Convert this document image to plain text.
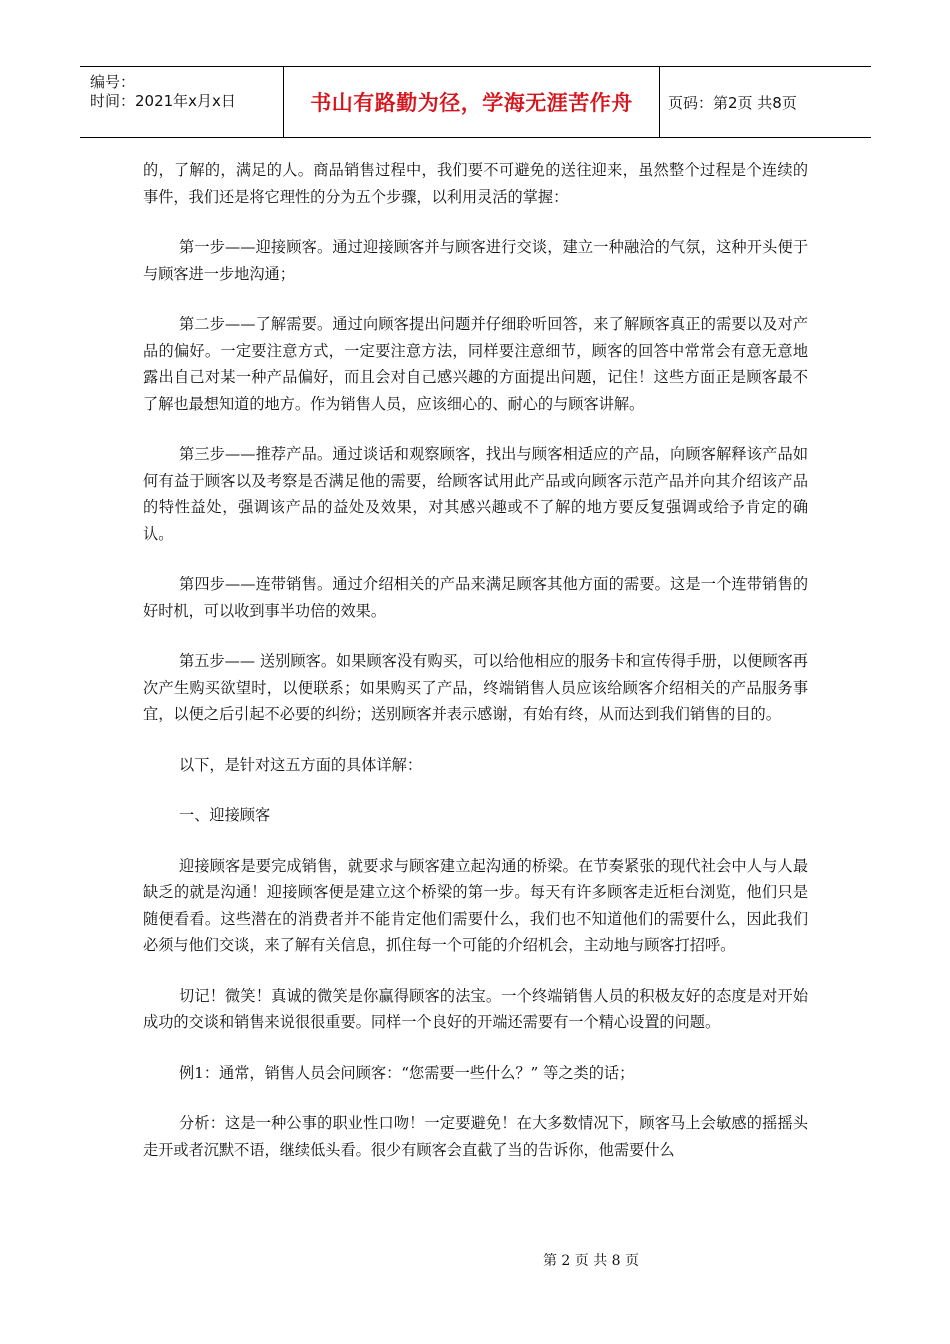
编号：
时间：2021年x月x日	书山有路勤为径，学海无涯苦作舟 页码：第2页 共8页

的，了解的，满足的人。商品销售过程中，我们要不可避免的送往迎来，虽然整个过程是个连续的事件，我们还是将它理性的分为五个步骤，以利用灵活的掌握：

第一步——迎接顾客。通过迎接顾客并与顾客进行交谈，建立一种融洽的气氛，这种开头便于与顾客进一步地沟通；

第二步——了解需要。通过向顾客提出问题并仔细聆听回答，来了解顾客真正的需要以及对产品的偏好。一定要注意方式，一定要注意方法，同样要注意细节，顾客的回答中常常会有意无意地露出自己对某一种产品偏好，而且会对自己感兴趣的方面提出问题，记住！这些方面正是顾客最不了解也最想知道的地方。作为销售人员，应该细心的、耐心的与顾客讲解。

第三步——推荐产品。通过谈话和观察顾客，找出与顾客相适应的产品，向顾客解释该产品如何有益于顾客以及考察是否满足他的需要，给顾客试用此产品或向顾客示范产品并向其介绍该产品的特性益处，强调该产品的益处及效果，对其感兴趣或不了解的地方要反复强调或给予肯定的确认。

第四步——连带销售。通过介绍相关的产品来满足顾客其他方面的需要。这是一个连带销售的好时机，可以收到事半功倍的效果。

第五步—— 送别顾客。如果顾客没有购买，可以给他相应的服务卡和宣传得手册，以便顾客再次产生购买欲望时，以便联系；如果购买了产品，终端销售人员应该给顾客介绍相关的产品服务事宜，以便之后引起不必要的纠纷；送别顾客并表示感谢，有始有终，从而达到我们销售的目的。

以下，是针对这五方面的具体详解：

一、迎接顾客

迎接顾客是要完成销售，就要求与顾客建立起沟通的桥梁。在节奏紧张的现代社会中人与人最缺乏的就是沟通！迎接顾客便是建立这个桥梁的第一步。每天有许多顾客走近柜台浏览，他们只是随便看看。这些潜在的消费者并不能肯定他们需要什么，我们也不知道他们的需要什么，因此我们必须与他们交谈，来了解有关信息，抓住每一个可能的介绍机会，主动地与顾客打招呼。

切记！微笑！真诚的微笑是你赢得顾客的法宝。一个终端销售人员的积极友好的态度是对开始成功的交谈和销售来说很很重要。同样一个良好的开端还需要有一个精心设置的问题。

例1：通常，销售人员会问顾客：“您需要一些什么？” 等之类的话；

分析：这是一种公事的职业性口吻！一定要避免！在大多数情况下，顾客马上会敏感的摇摇头走开或者沉默不语，继续低头看。很少有顾客会直截了当的告诉你，他需要什么

第 2 页 共 8 页
